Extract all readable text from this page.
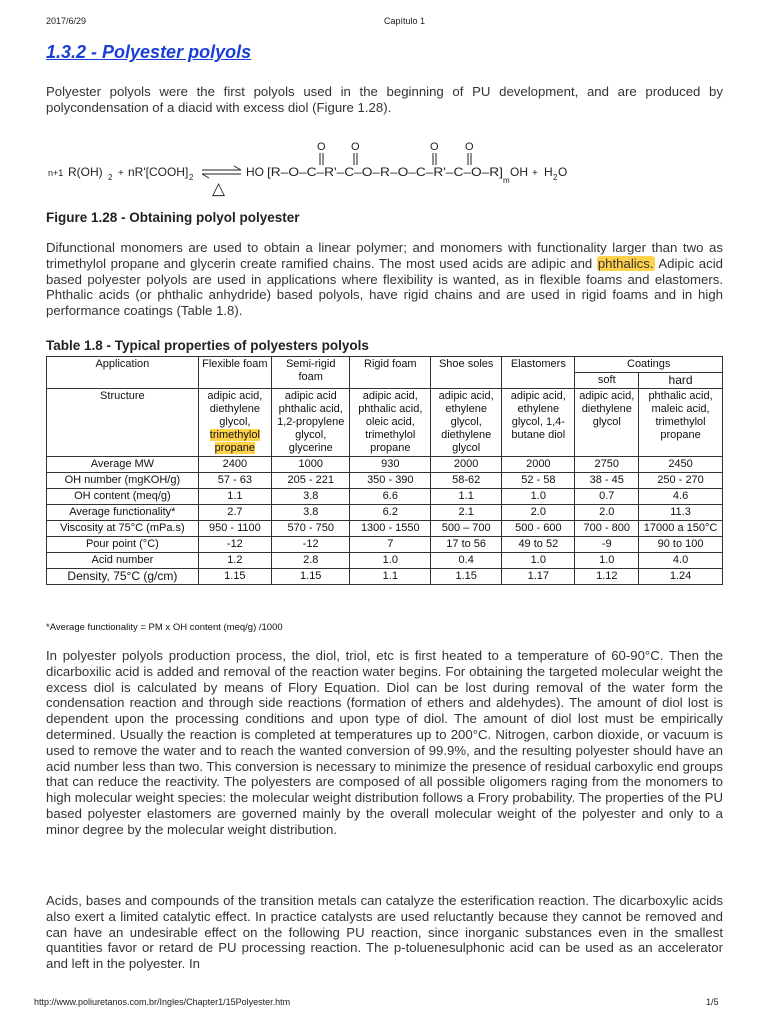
2017/6/29	Capítulo 1
1.3.2 - Polyester polyols

Polyester polyols were the first polyols used in the beginning of PU development, and are produced by polycondensation of a diacid with excess diol (Figure 1.28).

n+1 R(OH) 2 + nR'[COOH] 2
△
HO [R–O–C–R'–C–O–R–O–C–R'–C–O–R]
m
OH + H 2 O
O O	O O
Figure 1.28 - Obtaining polyol polyester

Difunctional monomers are used to obtain a linear polymer; and monomers with functionality larger than two as trimethylol propane and glycerin create ramified chains. The most used acids are adipic and phthalics. Adipic acid based polyester polyols are used in applications where flexibility is wanted, as in flexible foams and elastomers. Phthalic acids (or phthalic anhydride) based polyols, have rigid chains and are used in rigid foams and in high performance coatings (Table 1.8).

Table 1.8 - Typical properties of polyesters polyols
Application	Flexible foam	Semi-rigid foam	Rigid foam	Shoe soles	Elastomers	Coatings	
						soft	hard
Structure	adipic acid, diethylene glycol, trimethylol propane	adipic acid phthalic acid, 1,2-propylene glycol, glycerine	adipic acid, phthalic acid, oleic acid, trimethylol propane	adipic acid, ethylene glycol, diethylene glycol	adipic acid, ethylene glycol, 1,4-butane diol	adipic acid, diethylene glycol	phthalic acid, maleic acid, trimethylol propane
Average MW	2400	1000	930	2000	2000	2750	2450
OH number (mgKOH/g)	57 - 63	205 - 221	350 - 390	58-62	52 - 58	38 - 45	250 - 270
OH content (meq/g)	1.1	3.8	6.6	1.1	1.0	0.7	4.6
Average functionality*	2.7	3.8	6.2	2.1	2.0	2.0	11.3
Viscosity at 75°C (mPa.s)	950 - 1100	570 - 750	1300 - 1550	500 – 700	500 - 600	700 - 800	17000 a 150°C
Pour point (°C)	-12	-12	7	17 to 56	49 to 52	-9	90 to 100
Acid number	1.2	2.8	1.0	0.4	1.0	1.0	4.0
Density, 75°C (g/cm)	1.15	1.15	1.1	1.15	1.17	1.12	1.24
*Average functionality = PM x OH content (meq/g) /1000

In polyester polyols production process, the diol, triol, etc is first heated to a temperature of 60-90°C. Then the dicarboxilic acid is added and removal of the reaction water begins. For obtaining the targeted molecular weight the excess diol is calculated by means of Flory Equation. Diol can be lost during removal of the water form the condensation reaction and through side reactions (formation of ethers and aldehydes). The amount of diol lost is dependent upon the processing conditions and upon type of diol. The amount of diol lost must be empirically determined. Usually the reaction is completed at temperatures up to 200°C. Nitrogen, carbon dioxide, or vacuum is used to remove the water and to reach the wanted conversion of 99.9%, and the resulting polyester should have an acid number less than two. This conversion is necessary to minimize the presence of residual carboxylic end groups that can reduce the reactivity. The polyesters are composed of all possible oligomers raging from the monomers to high molecular weight species: the molecular weight distribution follows a Frory probability. The properties of the PU based polyester elastomers are governed mainly by the overall molecular weight of the polyester and only to a minor degree by the molecular weight distribution.

Acids, bases and compounds of the transition metals can catalyze the esterification reaction. The dicarboxylic acids also exert a limited catalytic effect. In practice catalysts are used reluctantly because they cannot be removed and can have an undesirable effect on the following PU reaction, since inorganic substances even in the smallest quantities favor or retard de PU processing reaction. The p-toluenesulphonic acid can be used as an accelerator and left in the polyester. In

http://www.poliuretanos.com.br/Ingles/Chapter1/15Polyester.htm	1/5
